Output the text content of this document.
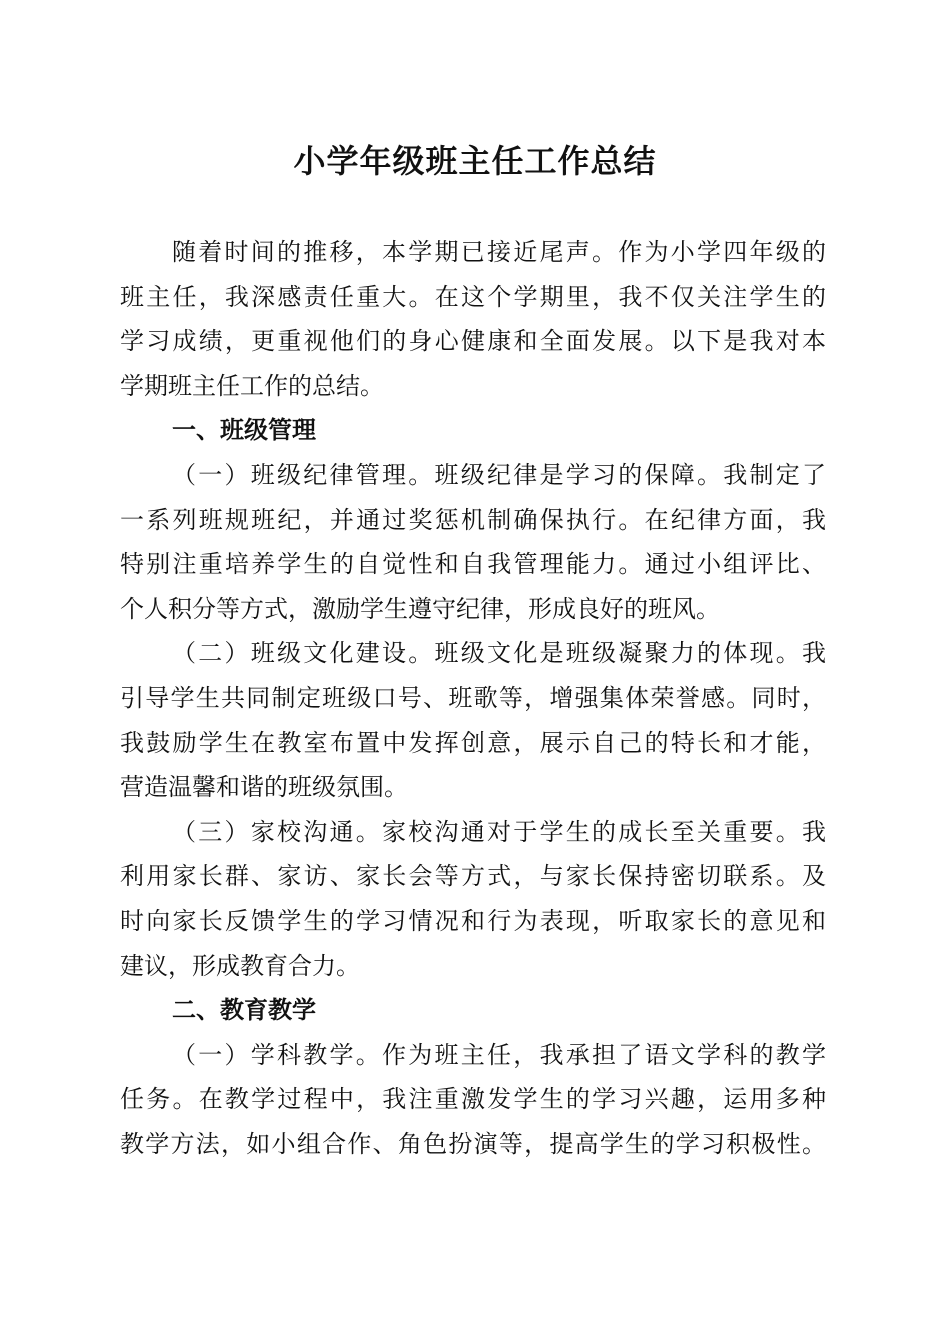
小学年级班主任工作总结
随着时间的推移，本学期已接近尾声。作为小学四年级的
班主任，我深感责任重大。在这个学期里，我不仅关注学生的
学习成绩，更重视他们的身心健康和全面发展。以下是我对本
学期班主任工作的总结。
一、班级管理
（一）班级纪律管理。班级纪律是学习的保障。我制定了
一系列班规班纪，并通过奖惩机制确保执行。在纪律方面，我
特别注重培养学生的自觉性和自我管理能力。通过小组评比、
个人积分等方式，激励学生遵守纪律，形成良好的班风。
（二）班级文化建设。班级文化是班级凝聚力的体现。我
引导学生共同制定班级口号、班歌等，增强集体荣誉感。同时，
我鼓励学生在教室布置中发挥创意，展示自己的特长和才能，
营造温馨和谐的班级氛围。
（三）家校沟通。家校沟通对于学生的成长至关重要。我
利用家长群、家访、家长会等方式，与家长保持密切联系。及
时向家长反馈学生的学习情况和行为表现，听取家长的意见和
建议，形成教育合力。
二、教育教学
（一）学科教学。作为班主任，我承担了语文学科的教学
任务。在教学过程中，我注重激发学生的学习兴趣，运用多种
教学方法，如小组合作、角色扮演等，提高学生的学习积极性。
